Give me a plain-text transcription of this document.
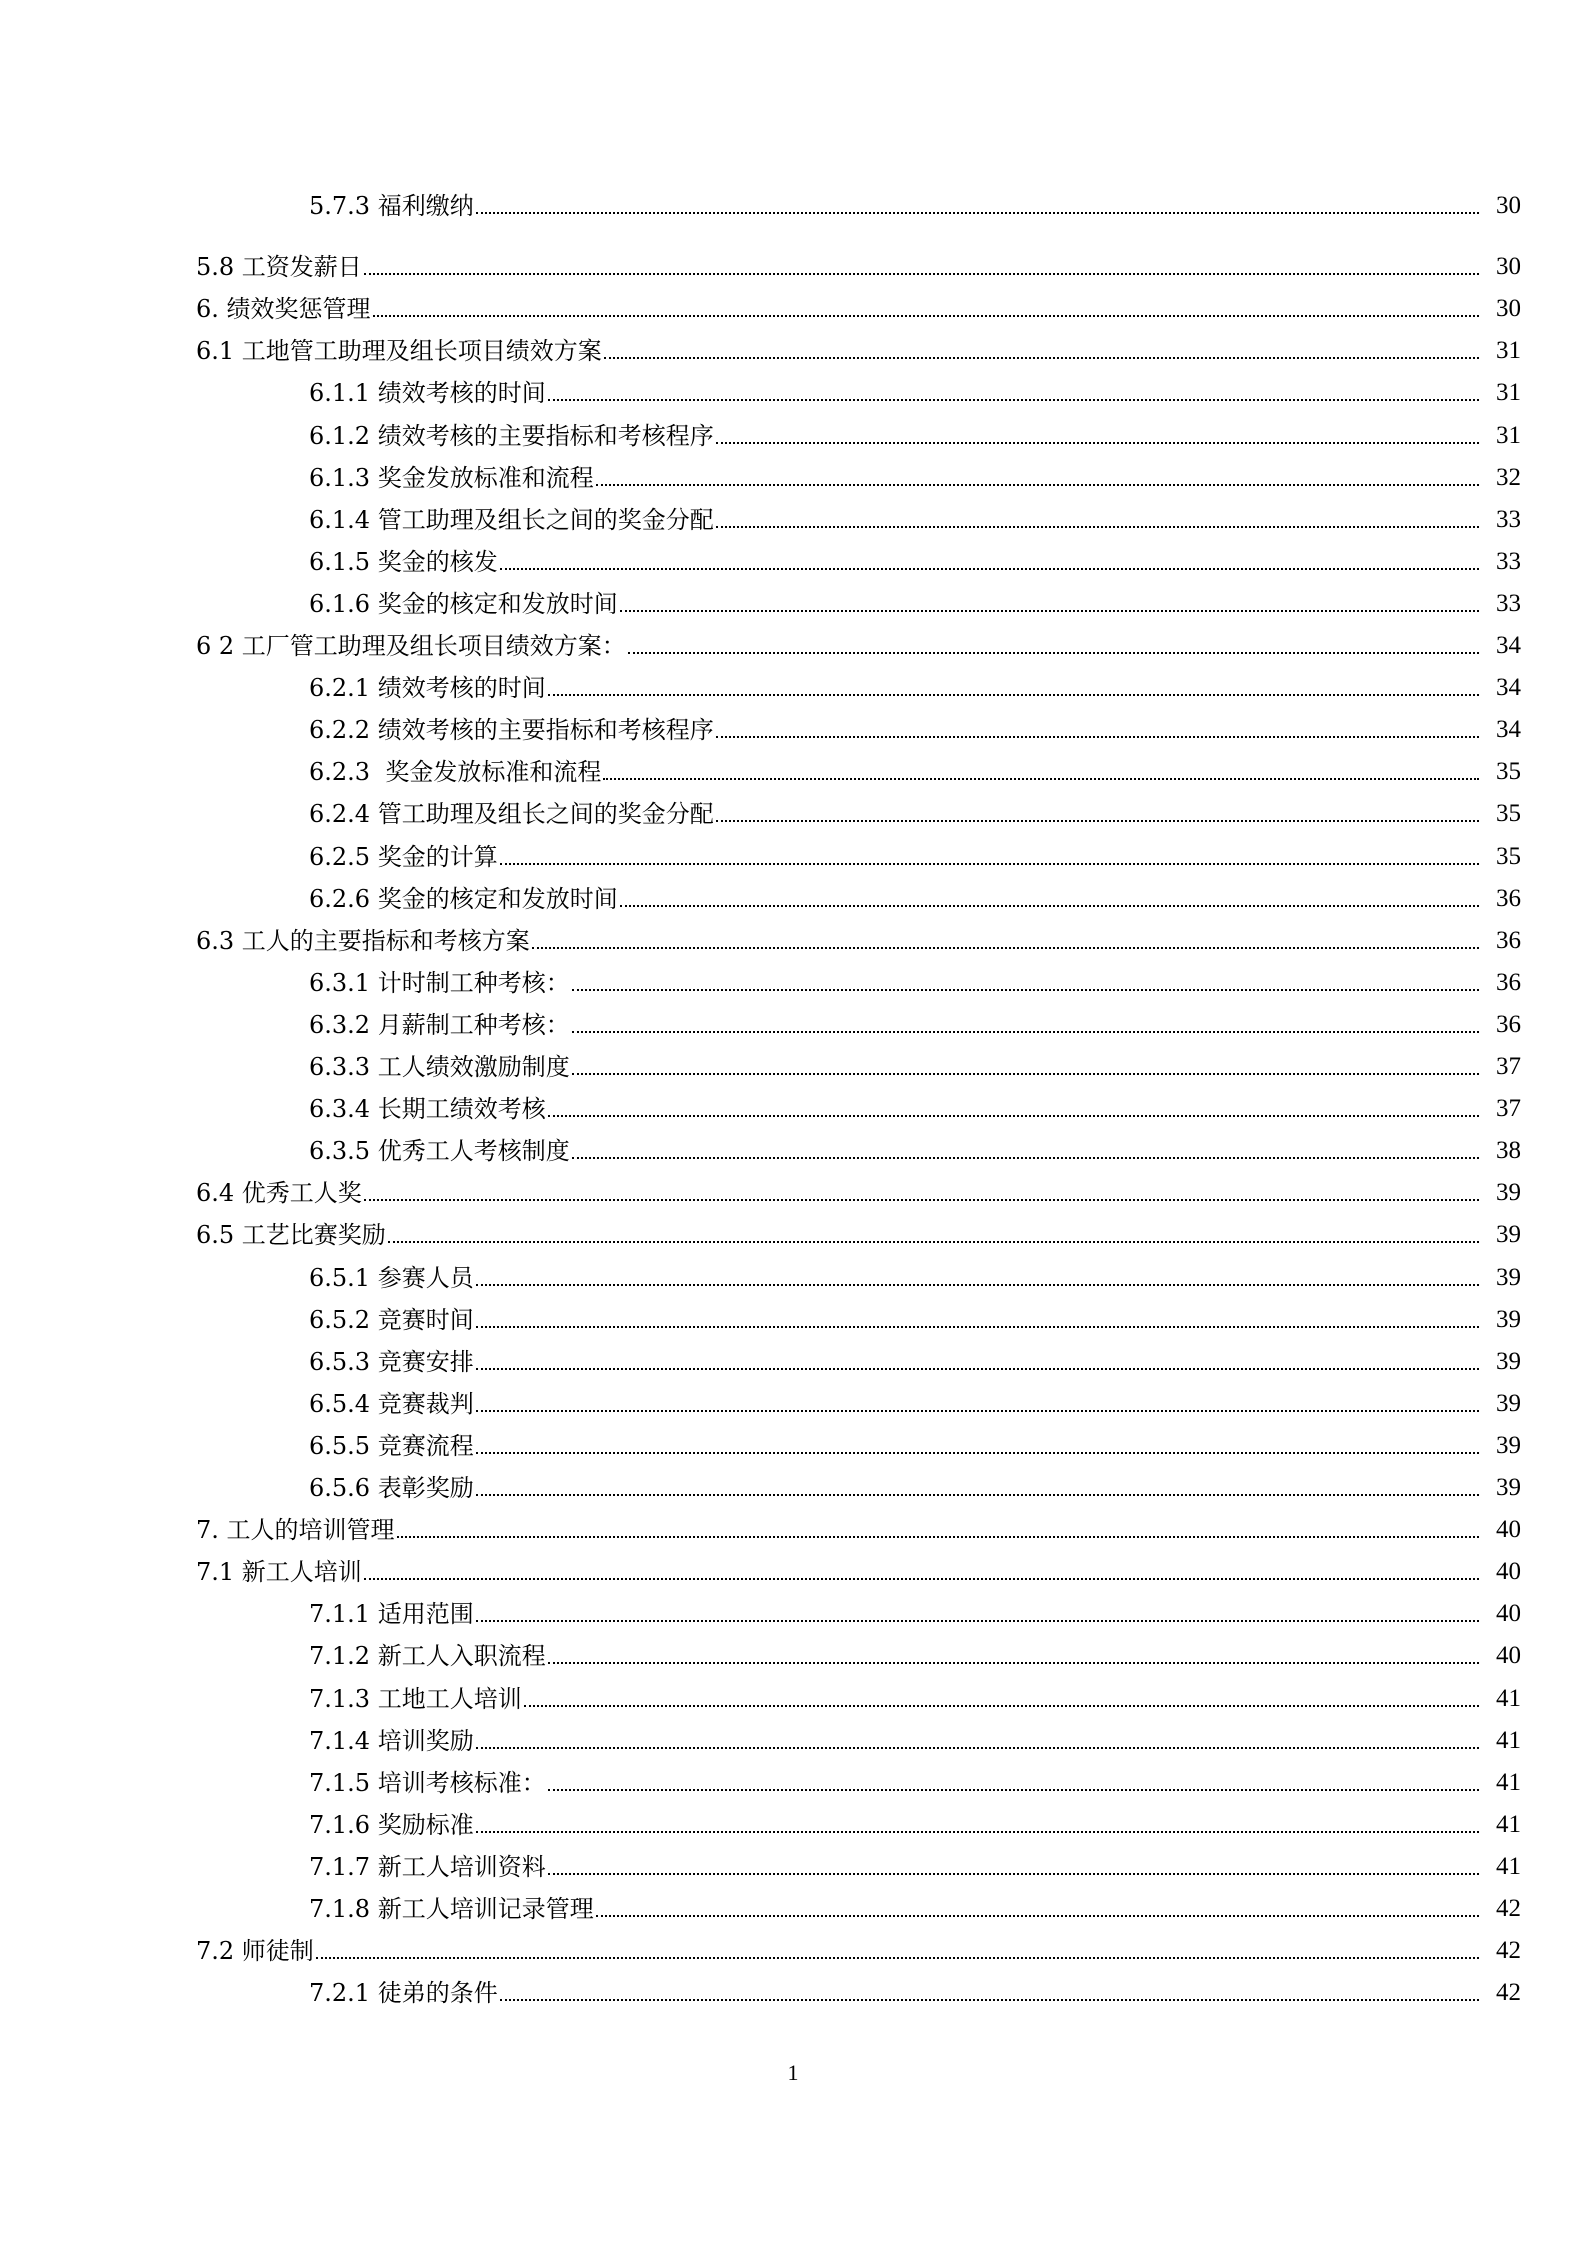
5.7.3 福利缴纳	30
5.8 工资发薪日	30
6. 绩效奖惩管理	30
6.1 工地管工助理及组长项目绩效方案	31
6.1.1 绩效考核的时间	31
6.1.2 绩效考核的主要指标和考核程序	31
6.1.3 奖金发放标准和流程	32
6.1.4 管工助理及组长之间的奖金分配	33
6.1.5 奖金的核发	33
6.1.6 奖金的核定和发放时间	33
6 2 工厂管工助理及组长项目绩效方案：	34
6.2.1 绩效考核的时间	34
6.2.2 绩效考核的主要指标和考核程序	34
6.2.3  奖金发放标准和流程	35
6.2.4 管工助理及组长之间的奖金分配	35
6.2.5 奖金的计算	35
6.2.6 奖金的核定和发放时间	36
6.3 工人的主要指标和考核方案	36
6.3.1 计时制工种考核：	36
6.3.2 月薪制工种考核：	36
6.3.3 工人绩效激励制度	37
6.3.4 长期工绩效考核	37
6.3.5 优秀工人考核制度	38
6.4 优秀工人奖	39
6.5 工艺比赛奖励	39
6.5.1 参赛人员	39
6.5.2 竞赛时间	39
6.5.3 竞赛安排	39
6.5.4 竞赛裁判	39
6.5.5 竞赛流程	39
6.5.6 表彰奖励	39
7. 工人的培训管理	40
7.1 新工人培训	40
7.1.1 适用范围	40
7.1.2 新工人入职流程	40
7.1.3 工地工人培训	41
7.1.4 培训奖励	41
7.1.5 培训考核标准：	41
7.1.6 奖励标准	41
7.1.7 新工人培训资料	41
7.1.8 新工人培训记录管理	42
7.2 师徒制	42
7.2.1 徒弟的条件	42
1
